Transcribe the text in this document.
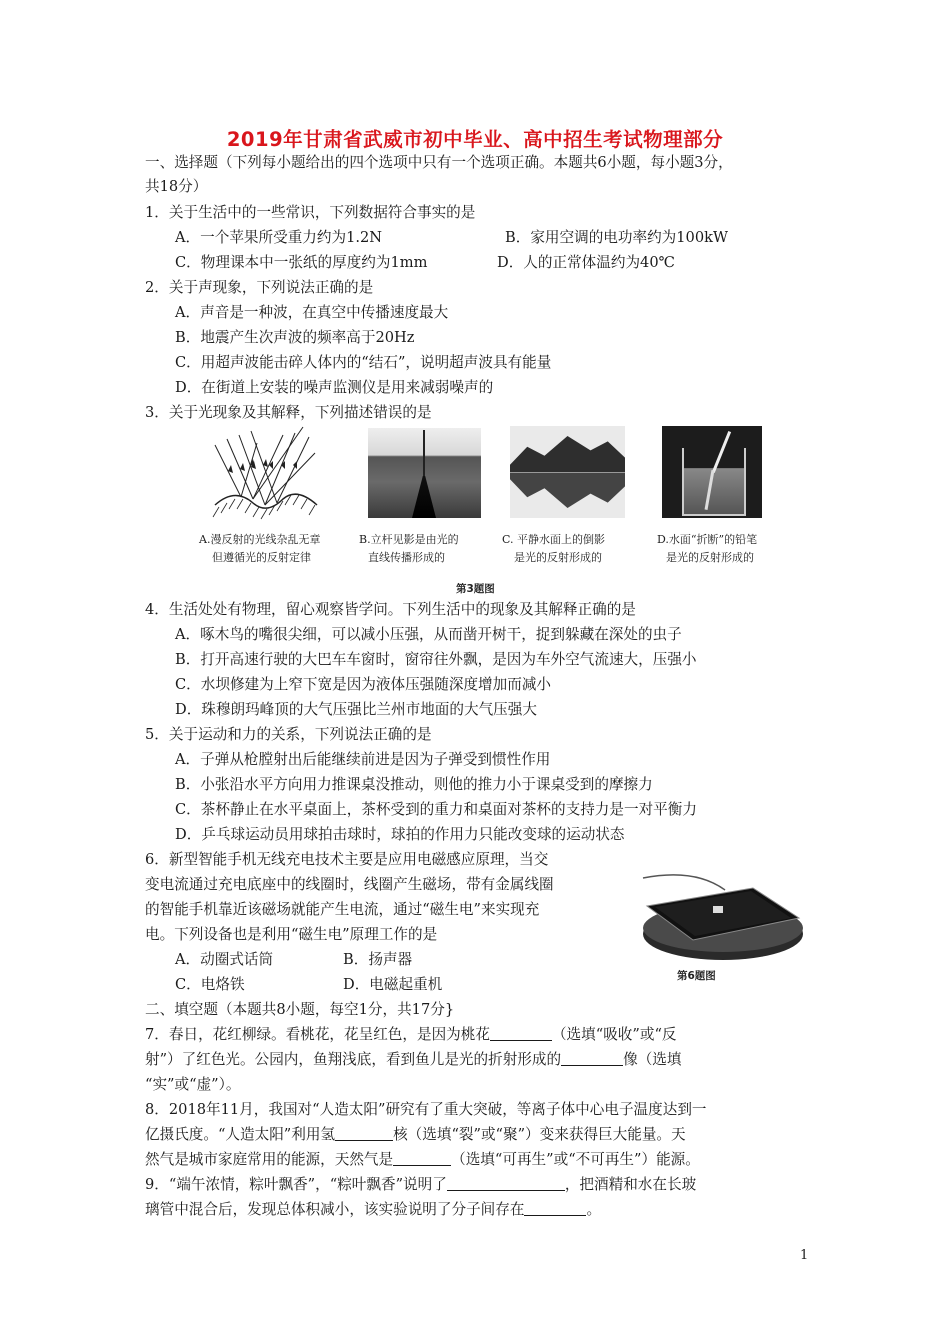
2019年甘肃省武威市初中毕业、高中招生考试物理部分
一、选择题（下列每小题给出的四个选项中只有一个选项正确。本题共6小题，每小题3分，
共18分）
1．关于生活中的一些常识，下列数据符合事实的是
A．一个苹果所受重力约为1.2N	B．家用空调的电功率约为100kW
C．物理课本中一张纸的厚度约为1mm	D．人的正常体温约为40℃
2．关于声现象，下列说法正确的是
A．声音是一种波，在真空中传播速度最大
B．地震产生次声波的频率高于20Hz
C．用超声波能击碎人体内的“结石”，说明超声波具有能量
D．在街道上安装的噪声监测仪是用来减弱噪声的
3．关于光现象及其解释，下列描述错误的是
A.漫反射的光线杂乱无章
但遵循光的反射定律
B.立杆见影是由光的
直线传播形成的
C. 平静水面上的倒影
是光的反射形成的
D.水面“折断”的铅笔
是光的反射形成的
第3题图
4．生活处处有物理，留心观察皆学问。下列生活中的现象及其解释正确的是
A．啄木鸟的嘴很尖细，可以减小压强，从而凿开树干，捉到躲藏在深处的虫子
B．打开高速行驶的大巴车车窗时，窗帘往外飘，是因为车外空气流速大，压强小
C．水坝修建为上窄下宽是因为液体压强随深度增加而减小
D．珠穆朗玛峰顶的大气压强比兰州市地面的大气压强大
5．关于运动和力的关系，下列说法正确的是
A．子弹从枪膛射出后能继续前进是因为子弹受到惯性作用
B．小张沿水平方向用力推课桌没推动，则他的推力小于课桌受到的摩擦力
C．茶杯静止在水平桌面上，茶杯受到的重力和桌面对茶杯的支持力是一对平衡力
D．乒乓球运动员用球拍击球时，球拍的作用力只能改变球的运动状态
6．新型智能手机无线充电技术主要是应用电磁感应原理，当交
变电流通过充电底座中的线圈时，线圈产生磁场，带有金属线圈
的智能手机靠近该磁场就能产生电流，通过“磁生电”来实现充
电。下列设备也是利用“磁生电”原理工作的是
A．动圈式话筒	B．扬声器
C．电烙铁	D．电磁起重机	第6题图
二、填空题（本题共8小题，每空1分，共17分}
7．春日，花红柳绿。看桃花，花呈红色，是因为桃花	（选填“吸收”或“反
射”）了红色光。公园内，鱼翔浅底，看到鱼儿是光的折射形成的	像（选填
“实”或“虚”）。
8．2018年11月，我国对“人造太阳”研究有了重大突破，等离子体中心电子温度达到一
亿摄氏度。“人造太阳”利用氢	核（选填“裂”或“聚”）变来获得巨大能量。天
然气是城市家庭常用的能源，天然气是	（选填“可再生”或“不可再生”）能源。
9．“端午浓情，粽叶飘香”，“粽叶飘香”说明了	，把酒精和水在长玻
璃管中混合后，发现总体积减小，该实验说明了分子间存在	。
1
